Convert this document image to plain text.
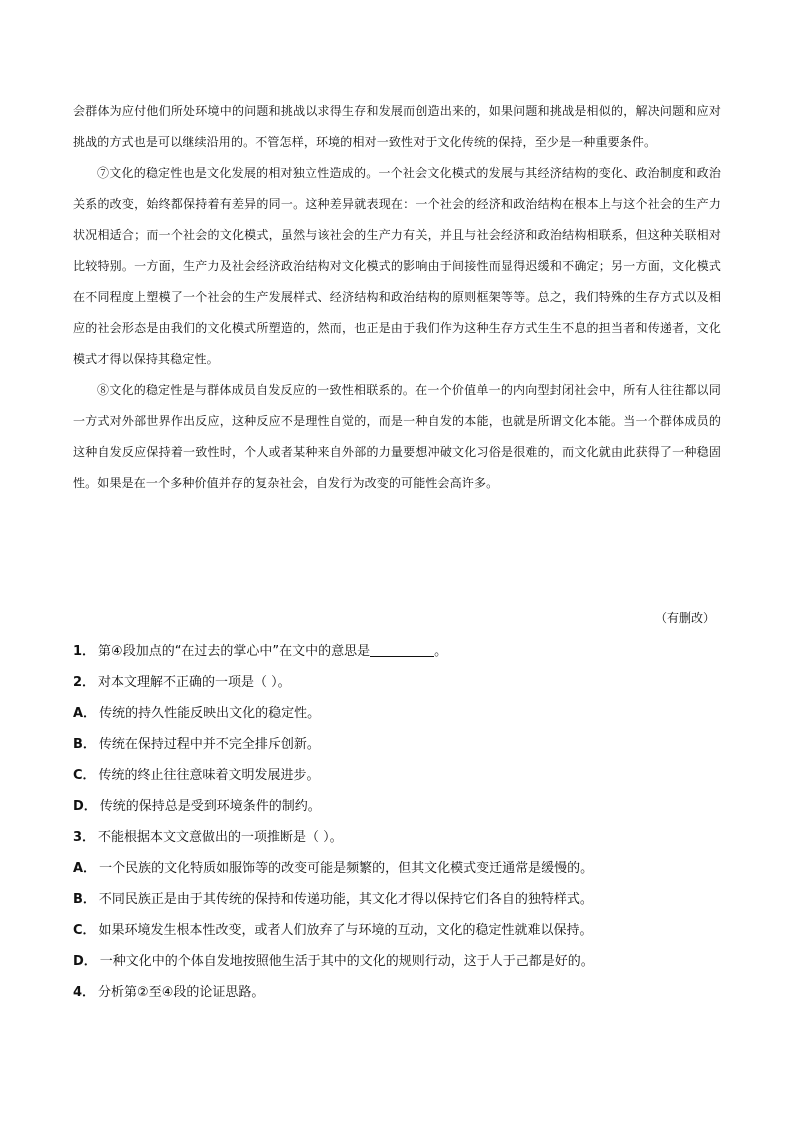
会群体为应付他们所处环境中的问题和挑战以求得生存和发展而创造出来的，如果问题和挑战是相似的，解决问题和应对挑战的方式也是可以继续沿用的。不管怎样，环境的相对一致性对于文化传统的保持，至少是一种重要条件。

⑦文化的稳定性也是文化发展的相对独立性造成的。一个社会文化模式的发展与其经济结构的变化、政治制度和政治关系的改变，始终都保持着有差异的同一。这种差异就表现在：一个社会的经济和政治结构在根本上与这个社会的生产力状况相适合；而一个社会的文化模式，虽然与该社会的生产力有关，并且与社会经济和政治结构相联系，但这种关联相对比较特别。一方面，生产力及社会经济政治结构对文化模式的影响由于间接性而显得迟缓和不确定；另一方面，文化模式在不同程度上塑模了一个社会的生产发展样式、经济结构和政治结构的原则框架等等。总之，我们特殊的生存方式以及相应的社会形态是由我们的文化模式所塑造的，然而，也正是由于我们作为这种生存方式生生不息的担当者和传递者，文化模式才得以保持其稳定性。

⑧文化的稳定性是与群体成员自发反应的一致性相联系的。在一个价值单一的内向型封闭社会中，所有人往往都以同一方式对外部世界作出反应，这种反应不是理性自觉的，而是一种自发的本能，也就是所谓文化本能。当一个群体成员的这种自发反应保持着一致性时，个人或者某种来自外部的力量要想冲破文化习俗是很难的，而文化就由此获得了一种稳固性。如果是在一个多种价值并存的复杂社会，自发行为改变的可能性会高许多。

（有删改）
1． 第④段加点的“在过去的掌心中”在文中的意思是	。
2． 对本文理解不正确的一项是（ ）。
A． 传统的持久性能反映出文化的稳定性。
B． 传统在保持过程中并不完全排斥创新。
C． 传统的终止往往意味着文明发展进步。
D． 传统的保持总是受到环境条件的制约。
3． 不能根据本文文意做出的一项推断是（ ）。
A． 一个民族的文化特质如服饰等的改变可能是频繁的，但其文化模式变迁通常是缓慢的。
B． 不同民族正是由于其传统的保持和传递功能，其文化才得以保持它们各自的独特样式。
C． 如果环境发生根本性改变，或者人们放弃了与环境的互动，文化的稳定性就难以保持。
D． 一种文化中的个体自发地按照他生活于其中的文化的规则行动，这于人于己都是好的。
4． 分析第②至④段的论证思路。
